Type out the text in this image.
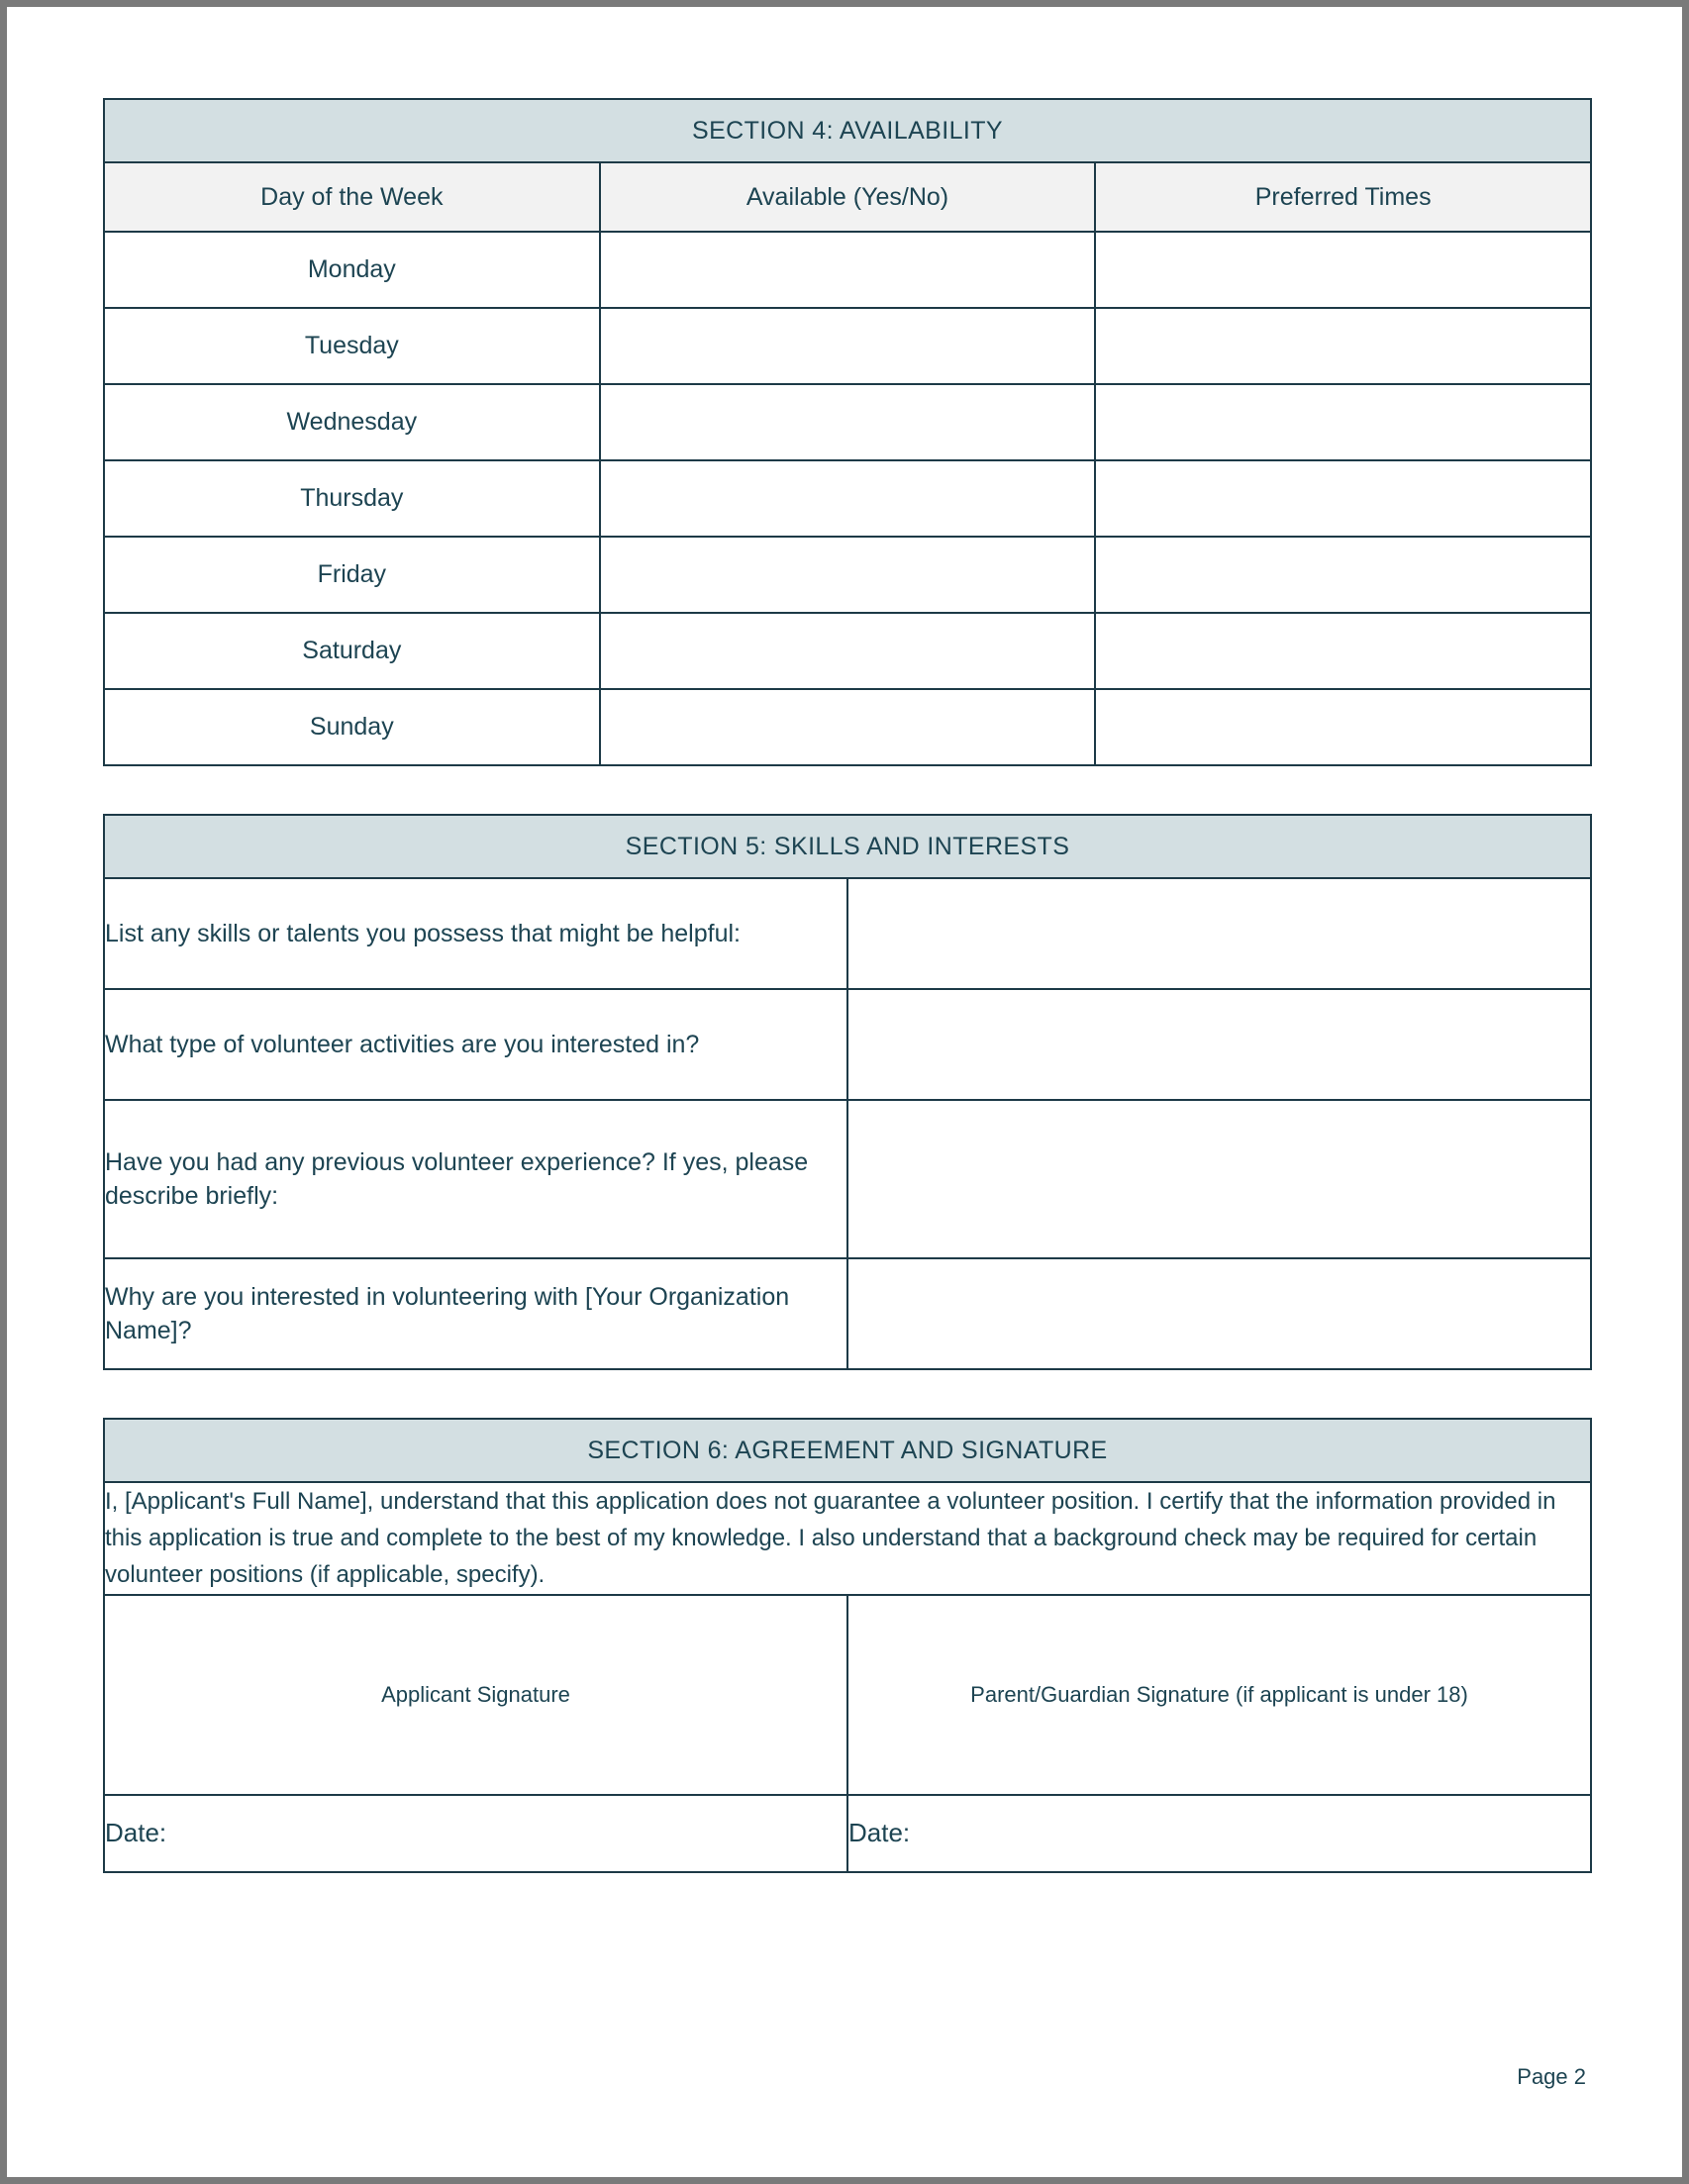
SECTION 4: AVAILABILITY		
Day of the Week	Available (Yes/No)	Preferred Times
Monday		
Tuesday		
Wednesday		
Thursday		
Friday		
Saturday		
Sunday		
SECTION 5: SKILLS AND INTERESTS	
List any skills or talents you possess that might be helpful:	
What type of volunteer activities are you interested in?	
Have you had any previous volunteer experience? If yes, please describe briefly:	
Why are you interested in volunteering with [Your Organization Name]?	
SECTION 6: AGREEMENT AND SIGNATURE	
I, [Applicant's Full Name], understand that this application does not guarantee a volunteer position. I certify that the information provided in this application is true and complete to the best of my knowledge. I also understand that a background check may be required for certain volunteer positions (if applicable, specify).	
Applicant Signature	Parent/Guardian Signature (if applicant is under 18)
Date:	Date:
Page 2
